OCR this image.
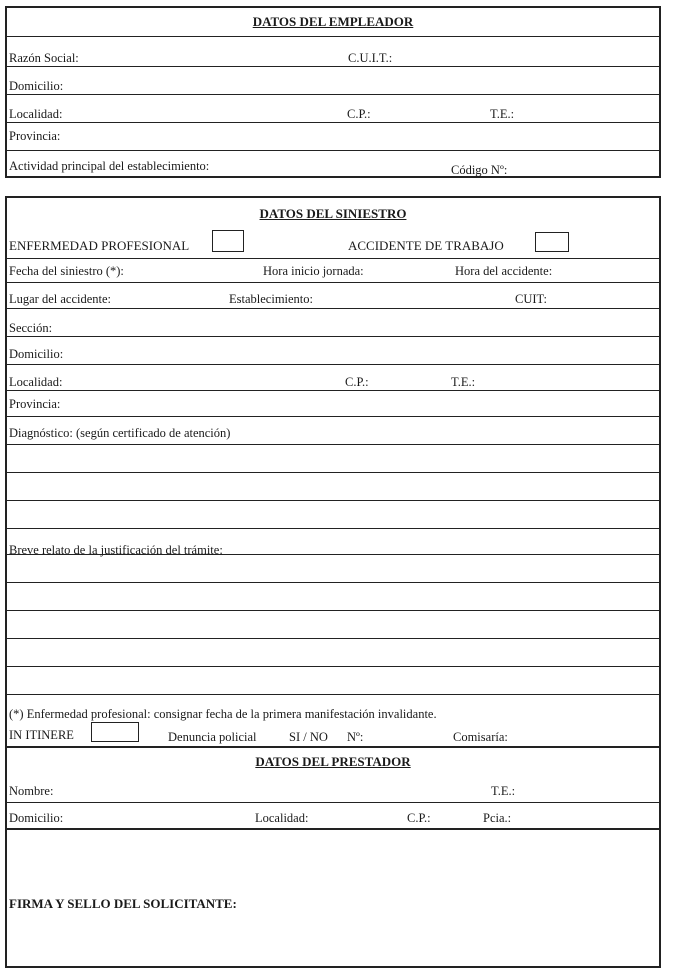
DATOS DEL EMPLEADOR
Razón Social:	C.U.I.T.:
Domicilio:
Localidad:	C.P.:	T.E.:
Provincia:
Actividad principal del establecimiento:	Código Nº:
DATOS DEL SINIESTRO
ENFERMEDAD PROFESIONAL	ACCIDENTE DE TRABAJO
Fecha del siniestro (*):	Hora inicio jornada:	Hora del accidente:
Lugar del accidente:	Establecimiento:	CUIT:
Sección:
Domicilio:
Localidad:	C.P.:	T.E.:
Provincia:
Diagnóstico: (según certificado de atención)
Breve relato de la justificación del trámite:
(*) Enfermedad profesional: consignar fecha de la primera manifestación invalidante.
IN ITINERE	Denuncia policial	SI / NO Nº:	Comisaría:
DATOS DEL PRESTADOR
Nombre:	T.E.:
Domicilio:	Localidad:	C.P.:	Pcia.:
FIRMA Y SELLO DEL SOLICITANTE:
